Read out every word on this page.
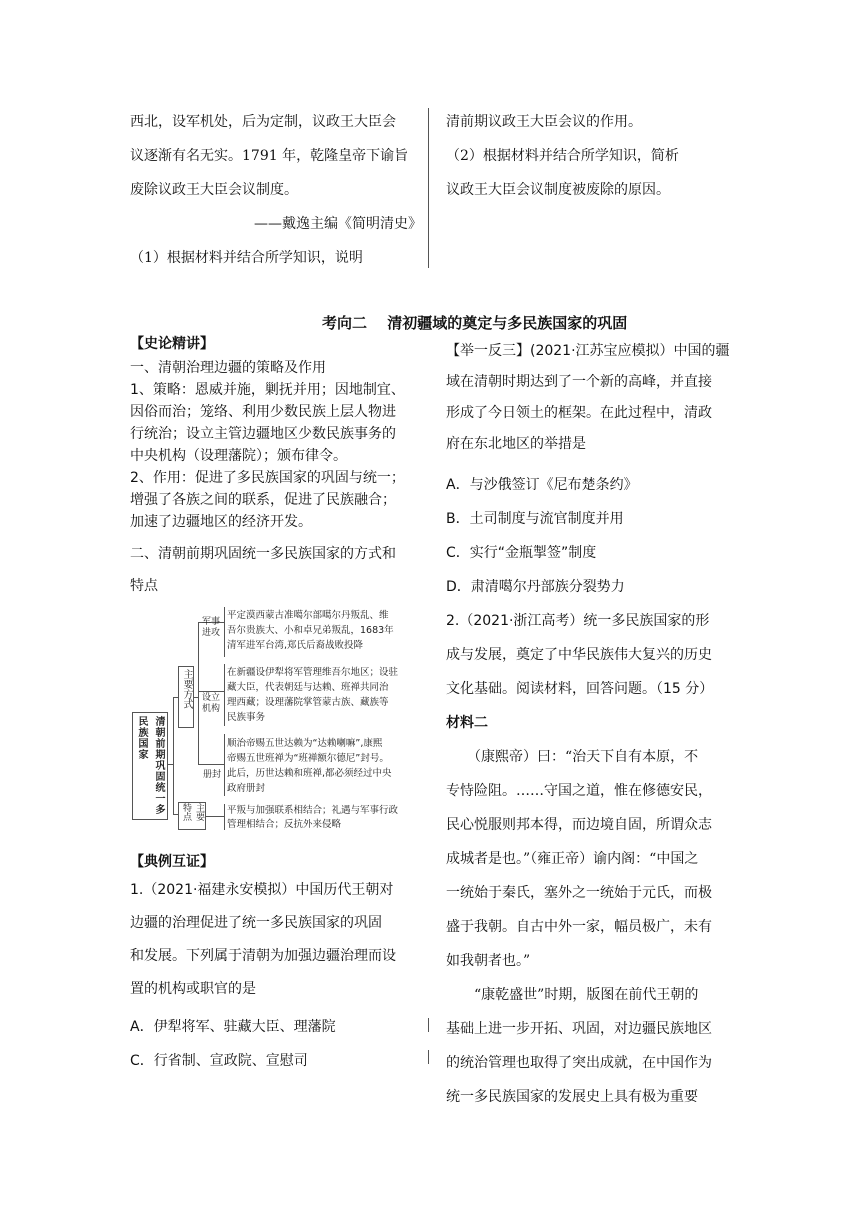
西北，设军机处，后为定制，议政王大臣会
议逐渐有名无实。1791 年，乾隆皇帝下谕旨
废除议政王大臣会议制度。
——戴逸主编《简明清史》
（1）根据材料并结合所学知识，说明
清前期议政王大臣会议的作用。
（2）根据材料并结合所学知识，简析
议政王大臣会议制度被废除的原因。
考向二　 清初疆域的奠定与多民族国家的巩固
【史论精讲】
一、清朝治理边疆的策略及作用
1、策略：恩威并施，剿抚并用；因地制宜、
因俗而治；笼络、利用少数民族上层人物进
行统治；设立主管边疆地区少数民族事务的
中央机构（设理藩院）；颁布律令。
2、作用：促进了多民族国家的巩固与统一；
增强了各族之间的联系，促进了民族融合；
加速了边疆地区的经济开发。
二、清朝前期巩固统一多民族国家的方式和
特点
清朝前期巩固统一多民族国家
主要方式
主要特点
军事进攻
设立机构
册封
平定漠西蒙古准噶尔部噶尔丹叛乱、维
吾尔贵族大、小和卓兄弟叛乱，1683年
清军进军台湾,郑氏后裔战败投降
在新疆设伊犁将军管理维吾尔地区；设驻
藏大臣，代表朝廷与达赖、班禅共同治
理西藏；设理藩院掌管蒙古族、藏族等
民族事务
顺治帝赐五世达赖为“达赖喇嘛”,康熙
帝赐五世班禅为“班禅额尔德尼”封号。
此后，历世达赖和班禅,都必须经过中央
政府册封
平叛与加强联系相结合；礼遇与军事行政
管理相结合；反抗外来侵略
【典例互证】
1.（2021·福建永安模拟）中国历代王朝对
边疆的治理促进了统一多民族国家的巩固
和发展。下列属于清朝为加强边疆治理而设
置的机构或职官的是
A．伊犁将军、驻藏大臣、理藩院
C．行省制、宣政院、宣慰司
【举一反三】(2021·江苏宝应模拟）中国的疆
域在清朝时期达到了一个新的高峰，并直接
形成了今日领土的框架。在此过程中，清政
府在东北地区的举措是
A．与沙俄签订《尼布楚条约》
B．土司制度与流官制度并用
C．实行“金瓶掣签”制度
D．肃清噶尔丹部族分裂势力
2.（2021·浙江高考）统一多民族国家的形
成与发展，奠定了中华民族伟大复兴的历史
文化基础。阅读材料，回答问题。（15 分）
材料二
　　（康熙帝）曰：“治天下自有本原，不
专恃险阻。……守国之道，惟在修德安民，
民心悦服则邦本得，而边境自固，所谓众志
成城者是也。”（雍正帝）谕内阁：“中国之
一统始于秦氏，塞外之一统始于元氏，而极
盛于我朝。自古中外一家，幅员极广，未有
如我朝者也。”
　　“康乾盛世”时期，版图在前代王朝的
基础上进一步开拓、巩固，对边疆民族地区
的统治管理也取得了突出成就，在中国作为
统一多民族国家的发展史上具有极为重要
